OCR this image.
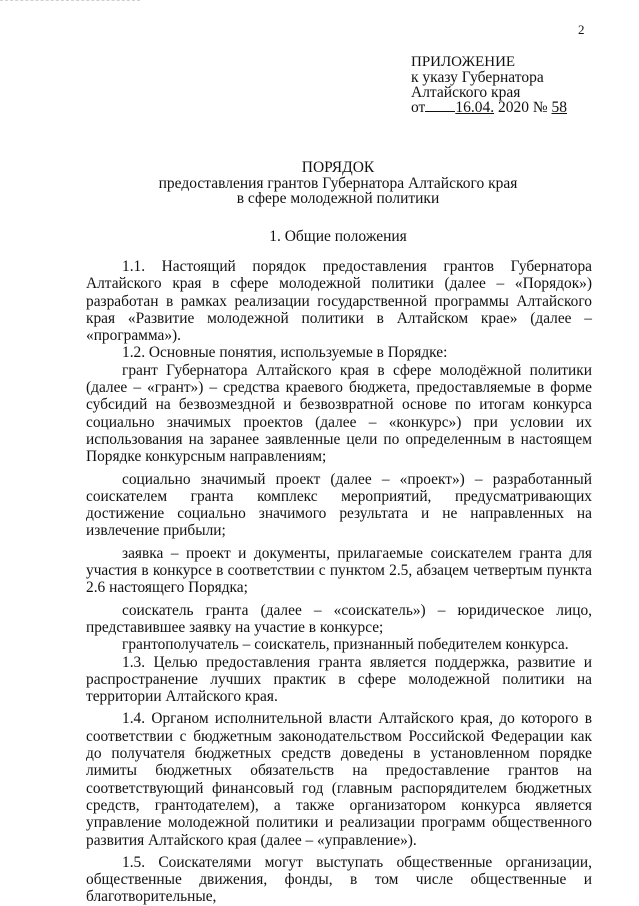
2
ПРИЛОЖЕНИЕ
к указу Губернатора
Алтайского края
от 16.04. 2020 № 58
ПОРЯДОК
предоставления грантов Губернатора Алтайского края
в сфере молодежной политики
1. Общие положения

1.1. Настоящий порядок предоставления грантов Губернатора Алтайского края в сфере молодежной политики (далее – «Порядок») разработан в рамках реализации государственной программы Алтайского края «Развитие молодежной политики в Алтайском крае» (далее – «программа»).

1.2. Основные понятия, используемые в Порядке:

грант Губернатора Алтайского края в сфере молодёжной политики (далее – «грант») – средства краевого бюджета, предоставляемые в форме субсидий на безвозмездной и безвозвратной основе по итогам конкурса социально значимых проектов (далее – «конкурс») при условии их использования на заранее заявленные цели по определенным в настоящем Порядке конкурсным направлениям;

социально значимый проект (далее – «проект») – разработанный соискателем гранта комплекс мероприятий, предусматривающих достижение социально значимого результата и не направленных на извлечение прибыли;

заявка – проект и документы, прилагаемые соискателем гранта для участия в конкурсе в соответствии с пунктом 2.5, абзацем четвертым пункта 2.6 настоящего Порядка;

соискатель гранта (далее – «соискатель») – юридическое лицо, представившее заявку на участие в конкурсе;

грантополучатель – соискатель, признанный победителем конкурса.

1.3. Целью предоставления гранта является поддержка, развитие и распространение лучших практик в сфере молодежной политики на территории Алтайского края.

1.4. Органом исполнительной власти Алтайского края, до которого в соответствии с бюджетным законодательством Российской Федерации как до получателя бюджетных средств доведены в установленном порядке лимиты бюджетных обязательств на предоставление грантов на соответствующий финансовый год (главным распорядителем бюджетных средств, грантодателем), а также организатором конкурса является управление молодежной политики и реализации программ общественного развития Алтайского края (далее – «управление»).

1.5. Соискателями могут выступать общественные организации, общественные движения, фонды, в том числе общественные и благотворительные,
